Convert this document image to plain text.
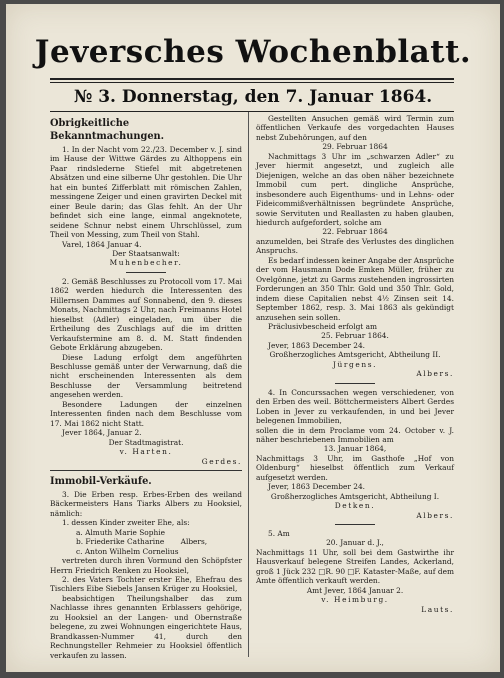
Jeversches Wochenblatt.
№ 3. Donnerstag, den 7. Januar 1864.

Obrigkeitliche Bekanntmachungen.

1. In der Nacht vom 22./23. December v. J. sind im Hause der Wittwe Gärdes zu Althoppens ein Paar rindslederne Stiefel mit abgetretenen Absätzen und eine silberne Uhr gestohlen. Die Uhr hat ein bunteś Zifferblatt mit römischen Zahlen, messingene Zeiger und einen gravirten Deckel mit einer Beule darin; das Glas fehlt. An der Uhr befindet sich eine lange, einmal angeknotete, seidene Schnur nebst einem Uhrschlüssel, zum Theil von Messing, zum Theil von Stahl.

Varel, 1864 Januar 4.

Der Staatsanwalt:

Muhenbecher.

2. Gemäß Beschlusses zu Protocoll vom 17. Mai 1862 werden hiedurch die Interessenten des Hillernsen Dammes auf Sonnabend, den 9. dieses Monats, Nachmittags 2 Uhr, nach Freimanns Hotel hieselbst (Adler) eingeladen, um über die Ertheilung des Zuschlags auf die im dritten Verkaufstermine am 8. d. M. Statt findenden Gebote Erklärung abzugeben.

Diese Ladung erfolgt dem angeführten Beschlusse gemäß unter der Verwarnung, daß die nicht erscheinenden Interessenten als dem Beschlusse der Versammlung beitretend angesehen werden.

Besondere Ladungen der einzelnen Interessenten finden nach dem Beschlusse vom 17. Mai 1862 nicht Statt.

Jever 1864, Januar 2.

Der Stadtmagistrat.

v. Harten.

Gerdes.

Immobil-Verkäufe.

3. Die Erben resp. Erbes-Erben des weiland Bäckermeisters Hans Tiarks Albers zu Hooksiel, nämlich:

1. dessen Kinder zweiter Ehe, als:

a. Almuth Marie Sophie

b. Friederike Catharine Albers,

c. Anton Wilhelm Cornelius

vertreten durch ihren Vormund den Schöpfster Herrn Friedrich Renken zu Hooksiel,

2. des Vaters Tochter erster Ehe, Ehefrau des Tischlers Eibe Siebels Jansen Krüger zu Hooksiel,

beabsichtigen Theilungshalber das zum Nachlasse ihres genannten Erblassers gehörige, zu Hooksiel an der Langen- und Obernstraße belegene, zu zwei Wohnungen eingerichtete Haus, Brandkassen-Nummer 41, durch den Rechnungsteller Rehmeier zu Hooksiel öffentlich verkaufen zu lassen.

Gestellten Ansuchen gemäß wird Termin zum öffentlichen Verkaufe des vorgedachten Hauses nebst Zubehörungen, auf den

29. Februar 1864

Nachmittags 3 Uhr im „schwarzen Adler“ zu Jever hiermit angesetzt, und zugleich alle Diejenigen, welche an das oben näher bezeichnete Immobil cum pert. dingliche Ansprüche, insbesondere auch Eigenthums- und in Lehns- oder Fideicommißverhältnissen begründete Ansprüche, sowie Servituten und Reallasten zu haben glauben, hiedurch aufgefordert, solche am

22. Februar 1864

anzumelden, bei Strafe des Verlustes des dinglichen Anspruchs.

Es bedarf indessen keiner Angabe der Ansprüche der vom Hausmann Dode Emken Müller, früher zu Ovelgönne, jetzt zu Garms zustehenden ingrossirten Forderungen an 350 Thlr. Gold und 350 Thlr. Gold, indem diese Capitalien nebst 4½ Zinsen seit 14. September 1862, resp. 3. Mai 1863 als gekündigt anzusehen sein sollen.

Präclusivbescheid erfolgt am

25. Februar 1864.

Jever, 1863 December 24.

Großherzogliches Amtsgericht, Abtheilung II.

Jürgens.

Albers.

4. In Concurssachen wegen verschiedener, von den Erben des weil. Böttchermeisters Albert Gerdes Loben in Jever zu verkaufenden, in und bei Jever belegenen Immobilien,

sollen die in dem Proclame vom 24. October v. J. näher beschriebenen Immobilien am

13. Januar 1864,

Nachmittags 3 Uhr, im Gasthofe „Hof von Oldenburg“ hieselbst öffentlich zum Verkauf aufgesetzt werden.

Jever, 1863 December 24.

Großherzogliches Amtsgericht, Abtheilung I.

Detken.

Albers.

5. Am

20. Januar d. J.,

Nachmittags 11 Uhr, soll bei dem Gastwirthe ihr Hausverkauf belegene Streifen Landes, Ackerland, groß 1 Jück 232 □R. 90 □F. Kataster-Maße, auf dem Amte öffentlich verkauft werden.

Amt Jever, 1864 Januar 2.

v. Heimburg.

Lauts.
